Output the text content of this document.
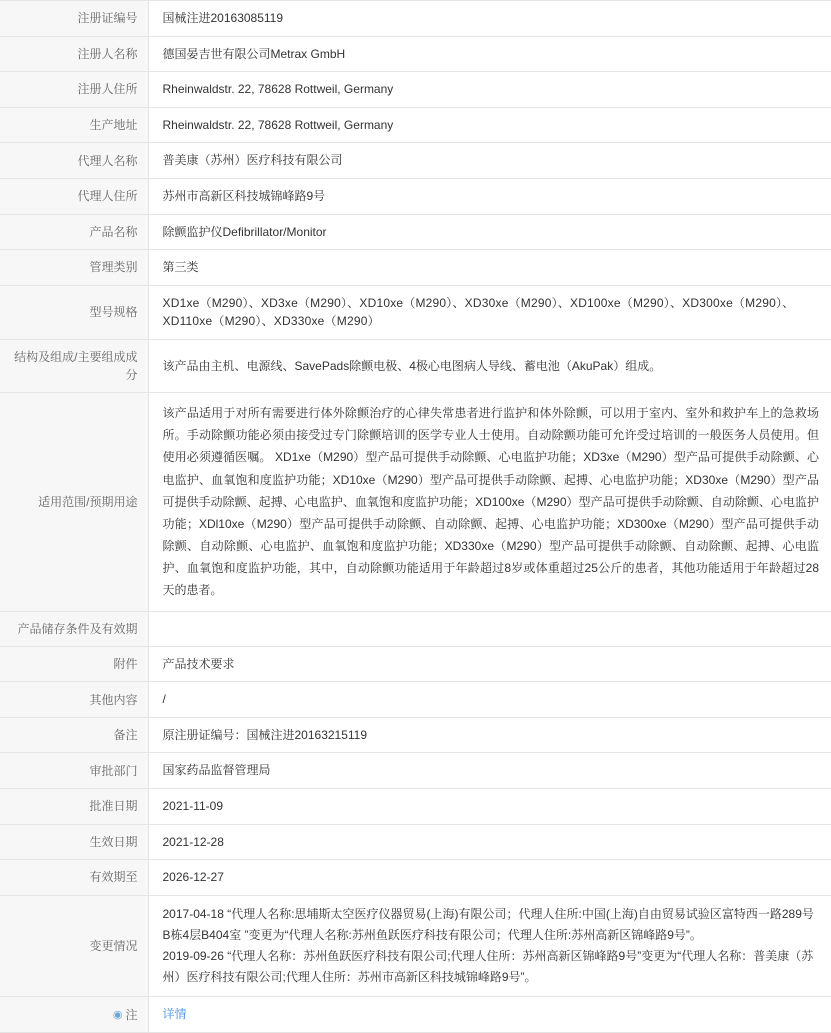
注册证编号	国械注进20163085119
注册人名称	德国晏吉世有限公司Metrax GmbH
注册人住所	Rheinwaldstr. 22, 78628 Rottweil, Germany
生产地址	Rheinwaldstr. 22, 78628 Rottweil, Germany
代理人名称	普美康（苏州）医疗科技有限公司
代理人住所	苏州市高新区科技城锦峰路9号
产品名称	除颤监护仪Defibrillator/Monitor
管理类别	第三类
型号规格	XD1xe（M290）、XD3xe（M290）、XD10xe（M290）、XD30xe（M290）、XD100xe（M290）、XD300xe（M290）、XD110xe（M290）、XD330xe（M290）
结构及组成/主要组成成分	该产品由主机、电源线、SavePads除颤电极、4极心电图病人导线、蓄电池（AkuPak）组成。
适用范围/预期用途	该产品适用于对所有需要进行体外除颤治疗的心律失常患者进行监护和体外除颤，可以用于室内、室外和救护车上的急救场所。手动除颤功能必须由接受过专门除颤培训的医学专业人士使用。自动除颤功能可允许受过培训的一般医务人员使用。但使用必须遵循医嘱。 XD1xe（M290）型产品可提供手动除颤、心电监护功能；XD3xe（M290）型产品可提供手动除颤、心电监护、血氧饱和度监护功能；XD10xe（M290）型产品可提供手动除颤、起搏、心电监护功能；XD30xe（M290）型产品可提供手动除颤、起搏、心电监护、血氧饱和度监护功能；XD100xe（M290）型产品可提供手动除颤、自动除颤、心电监护功能；XDl10xe（M290）型产品可提供手动除颤、自动除颤、起搏、心电监护功能；XD300xe（M290）型产品可提供手动除颤、自动除颤、心电监护、血氧饱和度监护功能；XD330xe（M290）型产品可提供手动除颤、自动除颤、起搏、心电监护、血氧饱和度监护功能，其中，自动除颤功能适用于年龄超过8岁或体重超过25公斤的患者，其他功能适用于年龄超过28天的患者。
产品储存条件及有效期	
附件	产品技术要求
其他内容	/
备注	原注册证编号：国械注进20163215119
审批部门	国家药品监督管理局
批准日期	2021-11-09
生效日期	2021-12-28
有效期至	2026-12-27
变更情况	2017-04-18 “代理人名称:思埔斯太空医疗仪器贸易(上海)有限公司；代理人住所:中国(上海)自由贸易试验区富特西一路289号B栋4层B404室 ”变更为“代理人名称:苏州鱼跃医疗科技有限公司；代理人住所:苏州高新区锦峰路9号”。
2019-09-26 “代理人名称：苏州鱼跃医疗科技有限公司;代理人住所：苏州高新区锦峰路9号”变更为“代理人名称：普美康（苏州）医疗科技有限公司;代理人住所：苏州市高新区科技城锦峰路9号”。

◉ 注	详情
